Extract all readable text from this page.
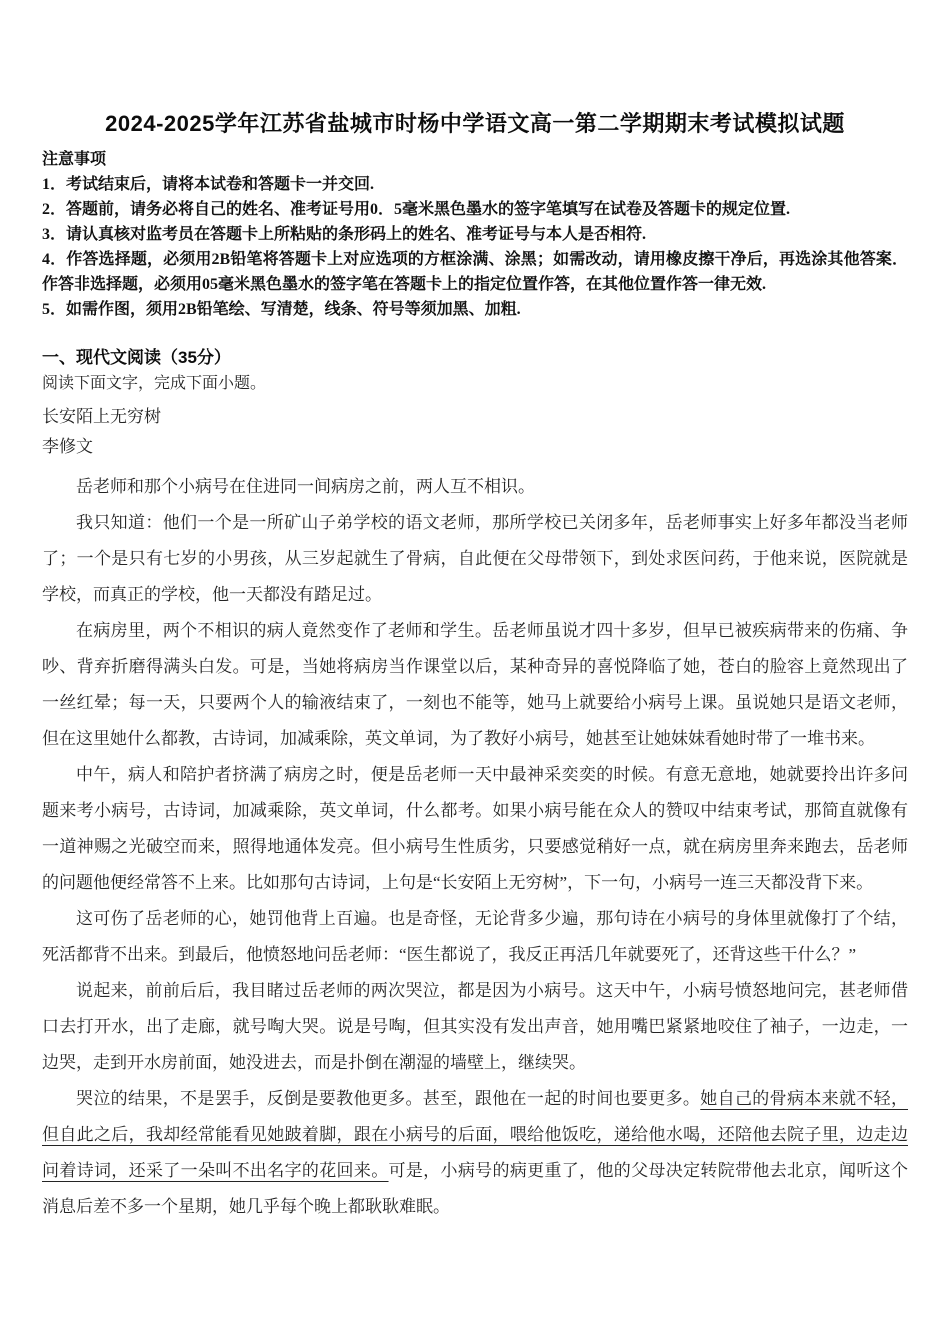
2024-2025学年江苏省盐城市时杨中学语文高一第二学期期末考试模拟试题
注意事项
1．考试结束后，请将本试卷和答题卡一并交回.
2．答题前，请务必将自己的姓名、准考证号用0．5毫米黑色墨水的签字笔填写在试卷及答题卡的规定位置.
3．请认真核对监考员在答题卡上所粘贴的条形码上的姓名、准考证号与本人是否相符.
4．作答选择题，必须用2B铅笔将答题卡上对应选项的方框涂满、涂黑；如需改动，请用橡皮擦干净后，再选涂其他答案．作答非选择题，必须用05毫米黑色墨水的签字笔在答题卡上的指定位置作答，在其他位置作答一律无效.
5．如需作图，须用2B铅笔绘、写清楚，线条、符号等须加黑、加粗.
一、现代文阅读（35分）
阅读下面文字，完成下面小题。
长安陌上无穷树
李修文

岳老师和那个小病号在住进同一间病房之前，两人互不相识。

我只知道：他们一个是一所矿山子弟学校的语文老师，那所学校已关闭多年，岳老师事实上好多年都没当老师了；一个是只有七岁的小男孩，从三岁起就生了骨病，自此便在父母带领下，到处求医问药，于他来说，医院就是学校，而真正的学校，他一天都没有踏足过。

在病房里，两个不相识的病人竟然变作了老师和学生。岳老师虽说才四十多岁，但早已被疾病带来的伤痛、争吵、背弃折磨得满头白发。可是，当她将病房当作课堂以后，某种奇异的喜悦降临了她，苍白的脸容上竟然现出了一丝红晕；每一天，只要两个人的输液结束了，一刻也不能等，她马上就要给小病号上课。虽说她只是语文老师，但在这里她什么都教，古诗词，加减乘除，英文单词，为了教好小病号，她甚至让她妹妹看她时带了一堆书来。

中午，病人和陪护者挤满了病房之时，便是岳老师一天中最神采奕奕的时候。有意无意地，她就要拎出许多问题来考小病号，古诗词，加减乘除，英文单词，什么都考。如果小病号能在众人的赞叹中结束考试，那简直就像有一道神赐之光破空而来，照得地通体发亮。但小病号生性质劣，只要感觉稍好一点，就在病房里奔来跑去，岳老师的问题他便经常答不上来。比如那句古诗词，上句是“长安陌上无穷树”，下一句，小病号一连三天都没背下来。

这可伤了岳老师的心，她罚他背上百遍。也是奇怪，无论背多少遍，那句诗在小病号的身体里就像打了个结，死活都背不出来。到最后，他愤怒地问岳老师：“医生都说了，我反正再活几年就要死了，还背这些干什么？”

说起来，前前后后，我目睹过岳老师的两次哭泣，都是因为小病号。这天中午，小病号愤怒地问完，甚老师借口去打开水，出了走廊，就号啕大哭。说是号啕，但其实没有发出声音，她用嘴巴紧紧地咬住了袖子，一边走，一边哭，走到开水房前面，她没进去，而是扑倒在潮湿的墙壁上，继续哭。

哭泣的结果，不是罢手，反倒是要教他更多。甚至，跟他在一起的时间也要更多。她自己的骨病本来就不轻，但自此之后，我却经常能看见她跛着脚，跟在小病号的后面，喂给他饭吃，递给他水喝，还陪他去院子里，边走边问着诗词，还采了一朵叫不出名字的花回来。可是，小病号的病更重了，他的父母决定转院带他去北京，闻听这个消息后差不多一个星期，她几乎每个晚上都耿耿难眠。
